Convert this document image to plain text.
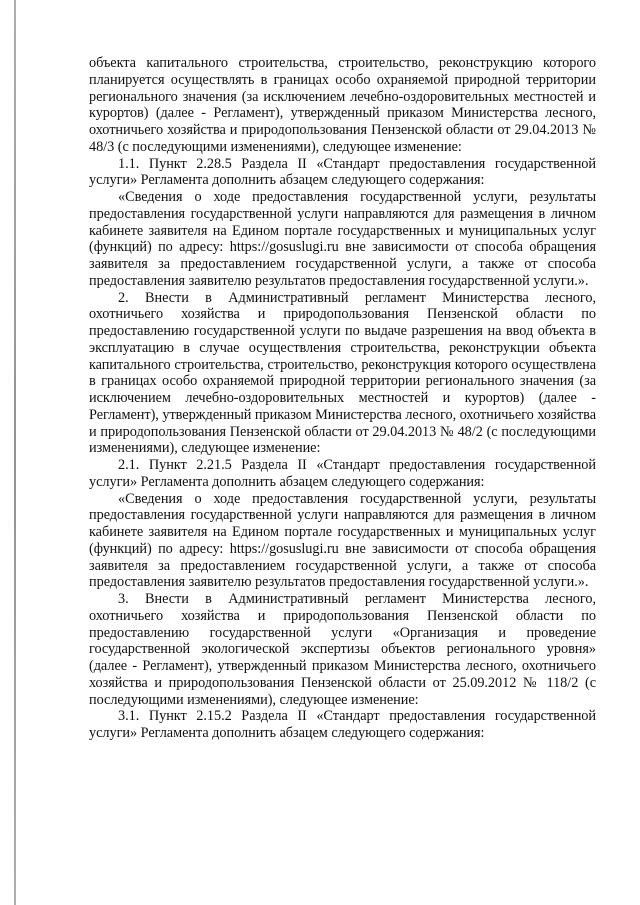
объекта капитального строительства, строительство, реконструкцию которого планируется осуществлять в границах особо охраняемой природной территории регионального значения (за исключением лечебно-оздоровительных местностей и курортов) (далее - Регламент), утвержденный приказом Министерства лесного, охотничьего хозяйства и природопользования Пензенской области от 29.04.2013 № 48/3 (с последующими изменениями), следующее изменение:

1.1. Пункт 2.28.5 Раздела II «Стандарт предоставления государственной услуги» Регламента дополнить абзацем следующего содержания:

«Сведения о ходе предоставления государственной услуги, результаты предоставления государственной услуги направляются для размещения в личном кабинете заявителя на Едином портале государственных и муниципальных услуг (функций) по адресу: https://gosuslugi.ru вне зависимости от способа обращения заявителя за предоставлением государственной услуги, а также от способа предоставления заявителю результатов предоставления государственной услуги.».

2. Внести в Административный регламент Министерства лесного, охотничьего хозяйства и природопользования Пензенской области по предоставлению государственной услуги по выдаче разрешения на ввод объекта в эксплуатацию в случае осуществления строительства, реконструкции объекта капитального строительства, строительство, реконструкция которого осуществлена в границах особо охраняемой природной территории регионального значения (за исключением лечебно-оздоровительных местностей и курортов) (далее - Регламент), утвержденный приказом Министерства лесного, охотничьего хозяйства и природопользования Пензенской области от 29.04.2013 № 48/2 (с последующими изменениями), следующее изменение:

2.1. Пункт 2.21.5 Раздела II «Стандарт предоставления государственной услуги» Регламента дополнить абзацем следующего содержания:

«Сведения о ходе предоставления государственной услуги, результаты предоставления государственной услуги направляются для размещения в личном кабинете заявителя на Едином портале государственных и муниципальных услуг (функций) по адресу: https://gosuslugi.ru вне зависимости от способа обращения заявителя за предоставлением государственной услуги, а также от способа предоставления заявителю результатов предоставления государственной услуги.».

3. Внести в Административный регламент Министерства лесного, охотничьего хозяйства и природопользования Пензенской области по предоставлению государственной услуги «Организация и проведение государственной экологической экспертизы объектов регионального уровня» (далее - Регламент), утвержденный приказом Министерства лесного, охотничьего хозяйства и природопользования Пензенской области от 25.09.2012 № 118/2 (с последующими изменениями), следующее изменение:

3.1. Пункт 2.15.2 Раздела II «Стандарт предоставления государственной услуги» Регламента дополнить абзацем следующего содержания:
